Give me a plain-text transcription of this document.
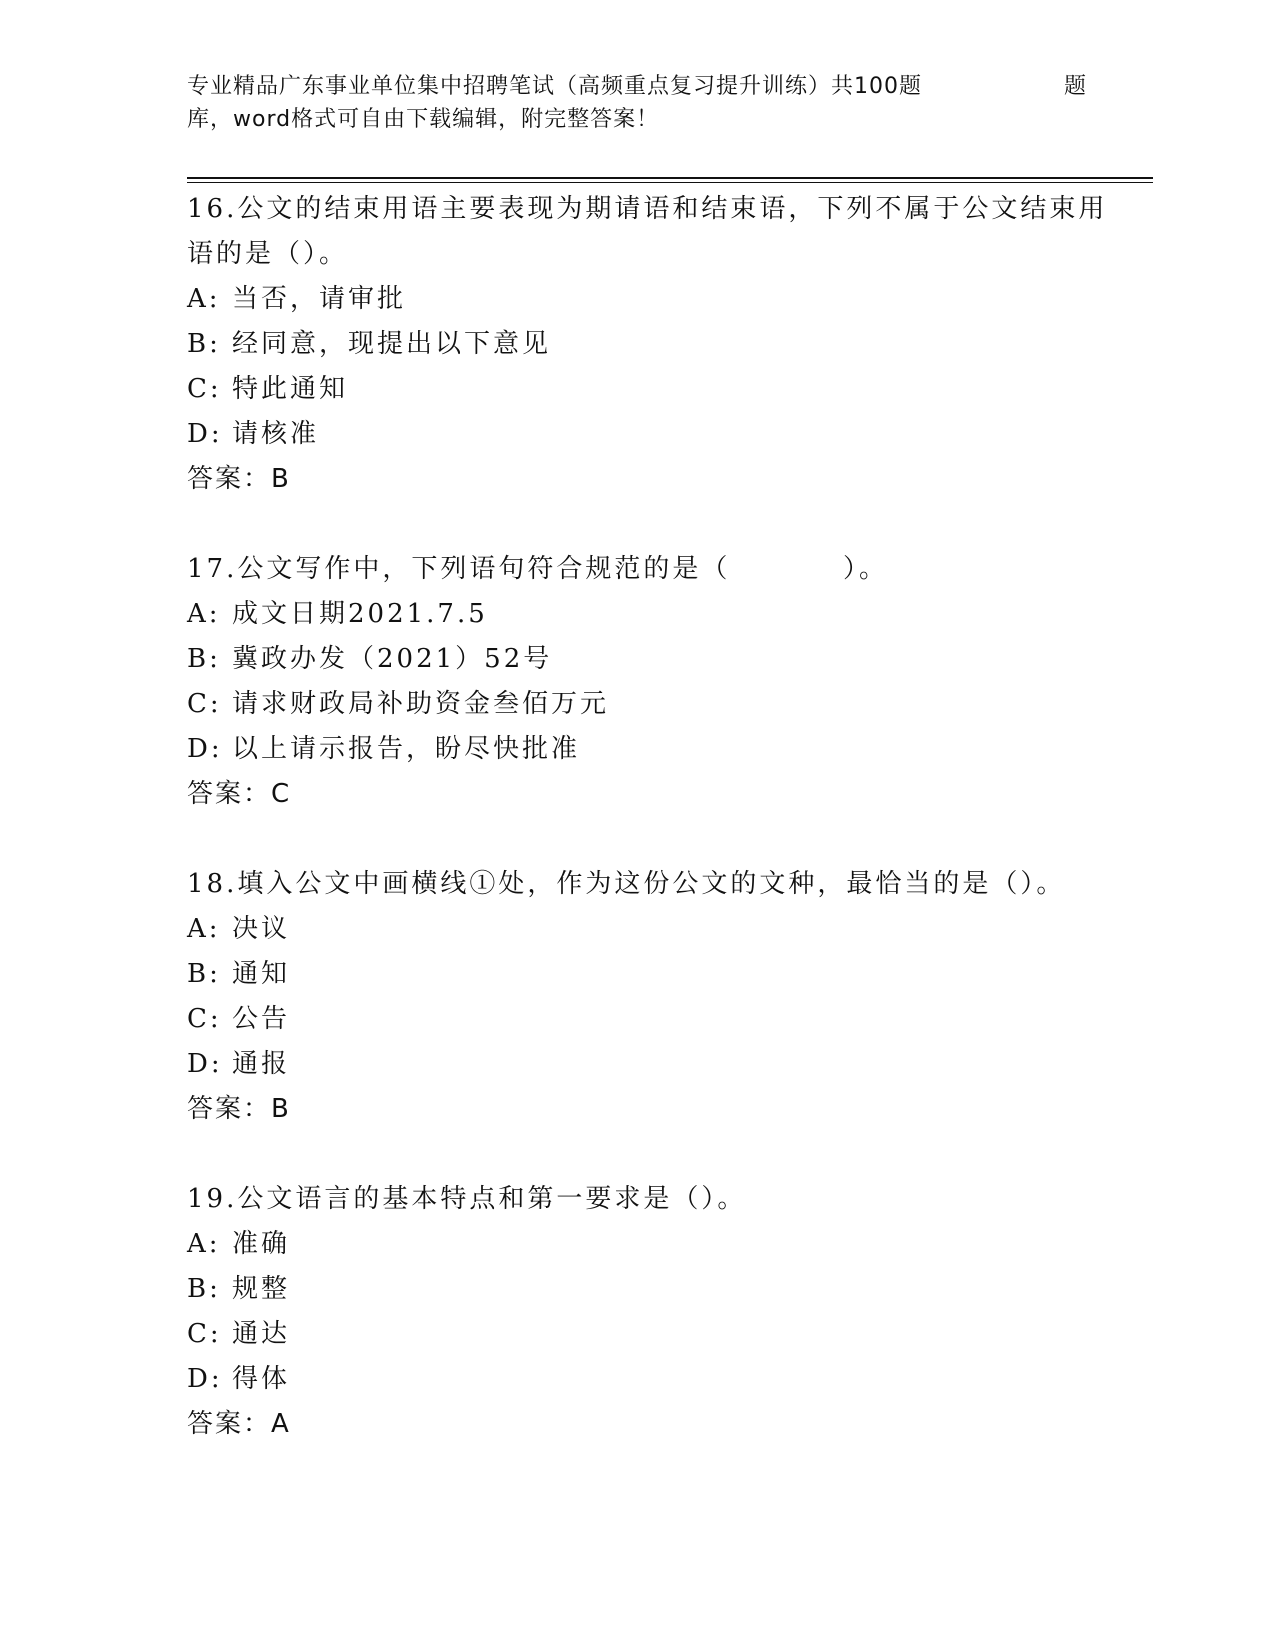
专业精品广东事业单位集中招聘笔试（高频重点复习提升训练）共100题	题
库，word格式可自由下载编辑，附完整答案！

16.公文的结束用语主要表现为期请语和结束语，下列不属于公文结束用语的是（）。

A: 当否，请审批

B: 经同意，现提出以下意见

C: 特此通知

D: 请核准

答案：B

17.公文写作中，下列语句符合规范的是（          ）。

A: 成文日期2021.7.5

B: 冀政办发（2021）52号

C: 请求财政局补助资金叁佰万元

D: 以上请示报告，盼尽快批准

答案：C

18.填入公文中画横线①处，作为这份公文的文种，最恰当的是（）。

A: 决议

B: 通知

C: 公告

D: 通报

答案：B

19.公文语言的基本特点和第一要求是（）。

A: 准确

B: 规整

C: 通达

D: 得体

答案：A
